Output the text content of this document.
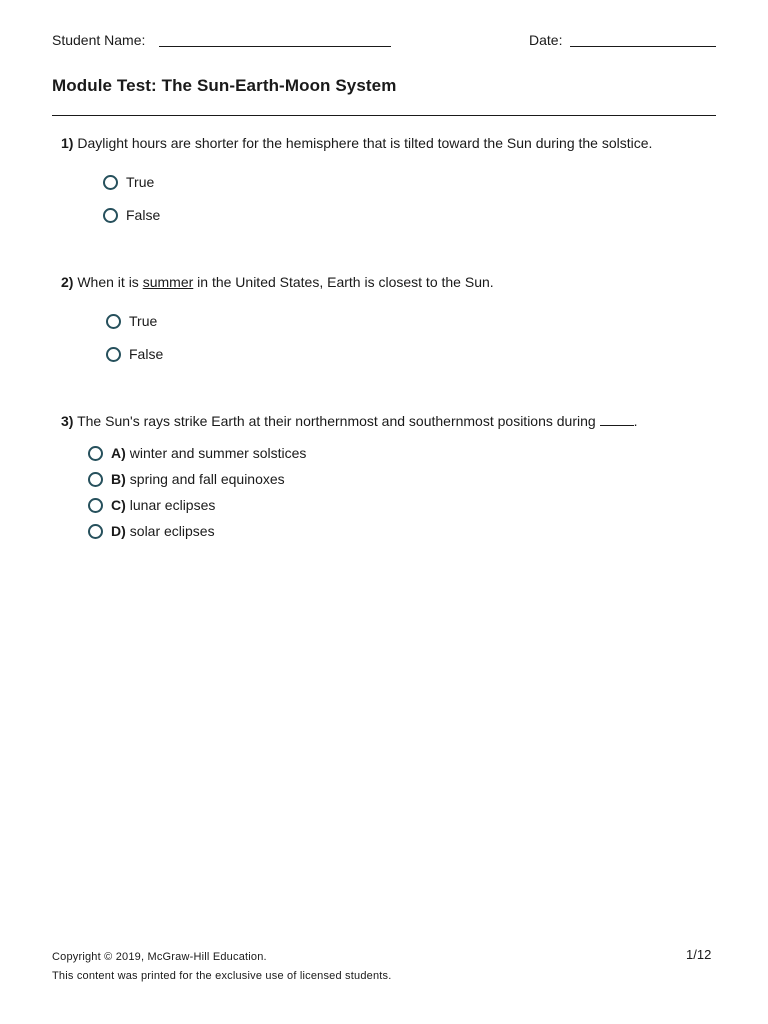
Student Name:	Date:
Module Test: The Sun-Earth-Moon System
1) Daylight hours are shorter for the hemisphere that is tilted toward the Sun during the solstice.
True
False
2) When it is summer in the United States, Earth is closest to the Sun.
True
False
3) The Sun's rays strike Earth at their northernmost and southernmost positions during .
A) winter and summer solstices
B) spring and fall equinoxes
C) lunar eclipses
D) solar eclipses
Copyright © 2019, McGraw-Hill Education.
This content was printed for the exclusive use of licensed students.
1/12
